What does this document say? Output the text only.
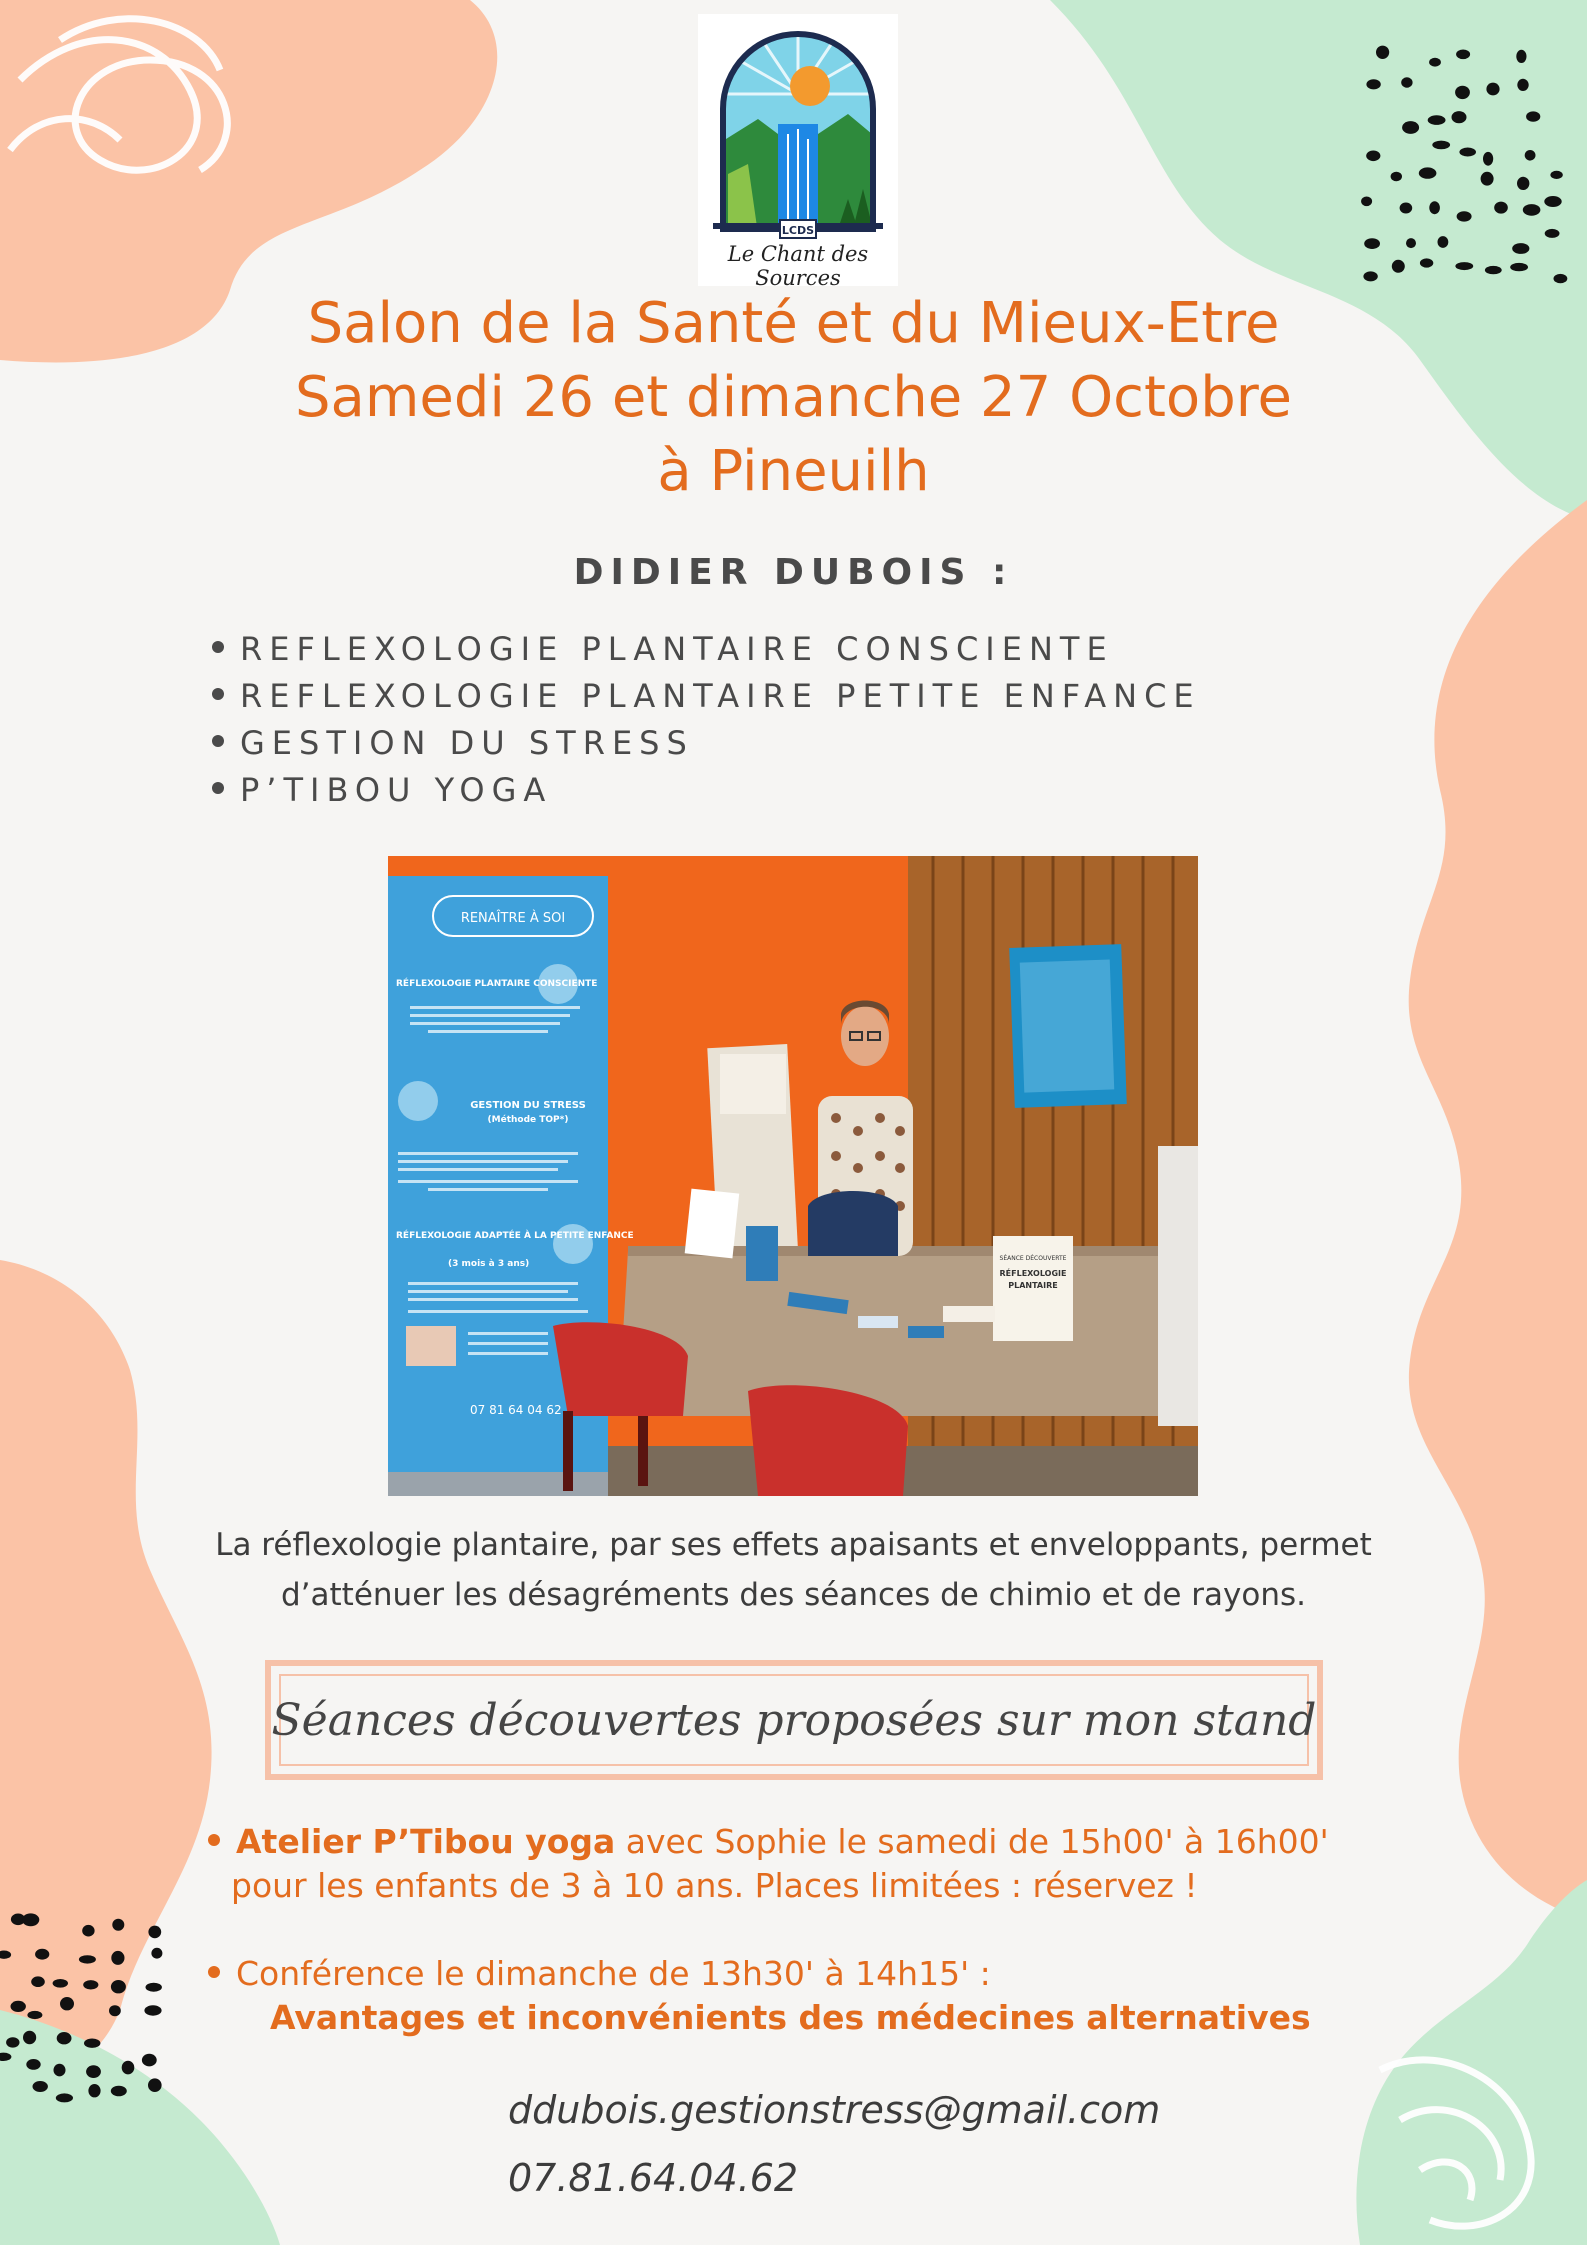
LCDS
Le Chant des Sources
Salon de la Santé et du Mieux-Etre
Samedi 26 et dimanche 27 Octobre
à Pineuilh
DIDIER DUBOIS :
REFLEXOLOGIE PLANTAIRE CONSCIENTE
REFLEXOLOGIE PLANTAIRE PETITE ENFANCE
GESTION DU STRESS
P’TIBOU YOGA
RENAÎTRE À SOI
RÉFLEXOLOGIE PLANTAIRE CONSCIENTE
GESTION DU STRESS
(Méthode TOP*)
RÉFLEXOLOGIE ADAPTÉE À LA PETITE ENFANCE
(3 mois à 3 ans)
07 81 64 04 62
SÉANCE DÉCOUVERTE
RÉFLEXOLOGIE
PLANTAIRE
La réflexologie plantaire, par ses effets apaisants et enveloppants, permet
d’atténuer les désagréments des séances de chimio et de rayons.
Séances découvertes proposées sur mon stand
Atelier P’Tibou yoga avec Sophie le samedi de 15h00' à 16h00'
pour les enfants de 3 à 10 ans. Places limitées : réservez !
Conférence le dimanche de 13h30' à 14h15' :
Avantages et inconvénients des médecines alternatives
ddubois.gestionstress@gmail.com
07.81.64.04.62
